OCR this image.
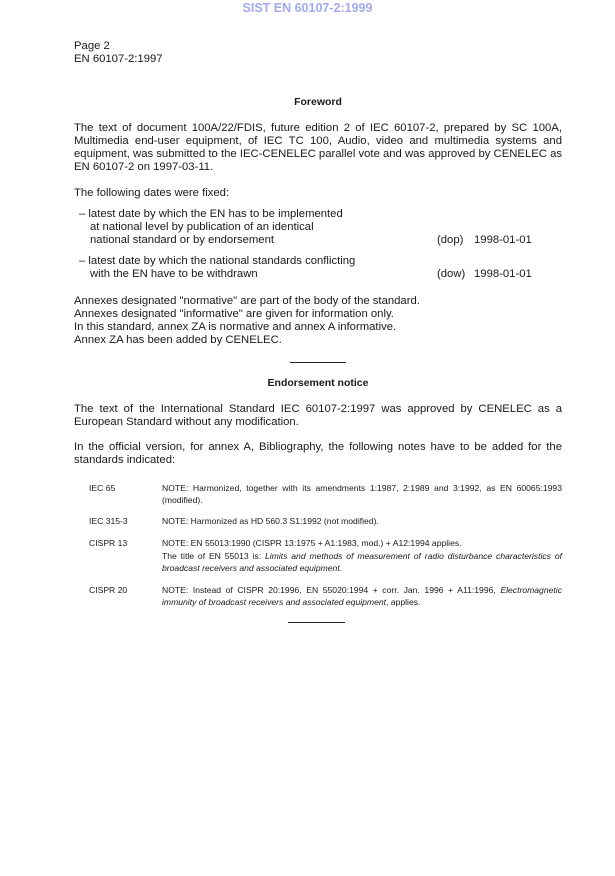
SIST EN 60107-2:1999
Page 2
EN 60107-2:1997
Foreword
The text of document 100A/22/FDIS, future edition 2 of IEC 60107-2, prepared by SC 100A, Multimedia end-user equipment, of IEC TC 100, Audio, video and multimedia systems and equipment, was submitted to the IEC-CENELEC parallel vote and was approved by CENELEC as EN 60107-2 on 1997-03-11.
The following dates were fixed:
– latest date by which the EN has to be implemented
at national level by publication of an identical
national standard or by endorsement	(dop) 1998-01-01
– latest date by which the national standards conflicting
with the EN have to be withdrawn	(dow) 1998-01-01
Annexes designated "normative" are part of the body of the standard.
Annexes designated "informative" are given for information only.
In this standard, annex ZA is normative and annex A informative.
Annex ZA has been added by CENELEC.
Endorsement notice
The text of the International Standard IEC 60107-2:1997 was approved by CENELEC as a European Standard without any modification.
In the official version, for annex A, Bibliography, the following notes have to be added for the standards indicated:
IEC 65	NOTE: Harmonized, together with its amendments 1:1987, 2:1989 and 3:1992, as EN 60065:1993 (modified).
IEC 315-3	NOTE: Harmonized as HD 560.3 S1:1992 (not modified).
CISPR 13	NOTE: EN 55013:1990 (CISPR 13:1975 + A1:1983, mod.) + A12:1994 applies.
The title of EN 55013 is: Limits and methods of measurement of radio disturbance characteristics of broadcast receivers and associated equipment.
CISPR 20	NOTE: Instead of CISPR 20:1996, EN 55020:1994 + corr. Jan. 1996 + A11:1996, Electromagnetic immunity of broadcast receivers and associated equipment, applies.
